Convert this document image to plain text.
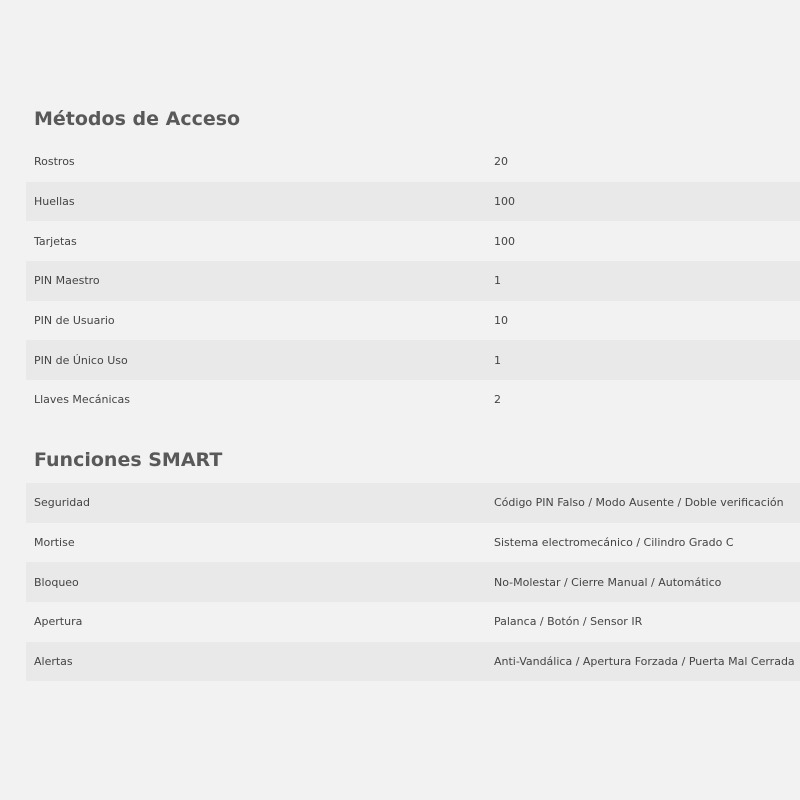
Métodos de Acceso
Rostros	20
Huellas	100
Tarjetas	100
PIN Maestro	1
PIN de Usuario	10
PIN de Único Uso	1
Llaves Mecánicas	2
Funciones SMART
Seguridad	Código PIN Falso / Modo Ausente / Doble verificación
Mortise	Sistema electromecánico / Cilindro Grado C
Bloqueo	No-Molestar / Cierre Manual / Automático
Apertura	Palanca / Botón / Sensor IR
Alertas	Anti-Vandálica / Apertura Forzada / Puerta Mal Cerrada
